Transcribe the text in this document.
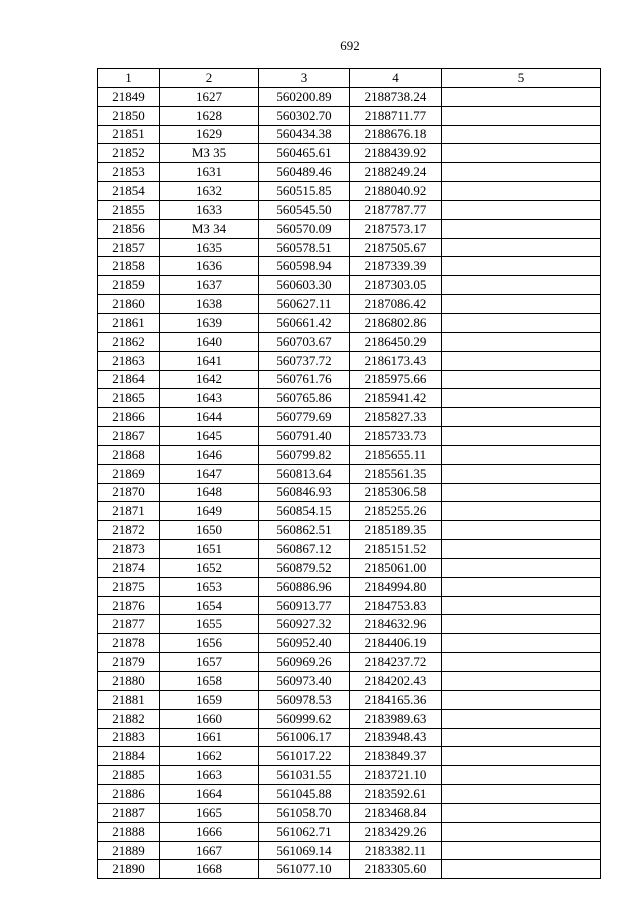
692
1	2	3	4	5
21849	1627	560200.89	2188738.24	
21850	1628	560302.70	2188711.77	
21851	1629	560434.38	2188676.18	
21852	МЗ 35	560465.61	2188439.92	
21853	1631	560489.46	2188249.24	
21854	1632	560515.85	2188040.92	
21855	1633	560545.50	2187787.77	
21856	МЗ 34	560570.09	2187573.17	
21857	1635	560578.51	2187505.67	
21858	1636	560598.94	2187339.39	
21859	1637	560603.30	2187303.05	
21860	1638	560627.11	2187086.42	
21861	1639	560661.42	2186802.86	
21862	1640	560703.67	2186450.29	
21863	1641	560737.72	2186173.43	
21864	1642	560761.76	2185975.66	
21865	1643	560765.86	2185941.42	
21866	1644	560779.69	2185827.33	
21867	1645	560791.40	2185733.73	
21868	1646	560799.82	2185655.11	
21869	1647	560813.64	2185561.35	
21870	1648	560846.93	2185306.58	
21871	1649	560854.15	2185255.26	
21872	1650	560862.51	2185189.35	
21873	1651	560867.12	2185151.52	
21874	1652	560879.52	2185061.00	
21875	1653	560886.96	2184994.80	
21876	1654	560913.77	2184753.83	
21877	1655	560927.32	2184632.96	
21878	1656	560952.40	2184406.19	
21879	1657	560969.26	2184237.72	
21880	1658	560973.40	2184202.43	
21881	1659	560978.53	2184165.36	
21882	1660	560999.62	2183989.63	
21883	1661	561006.17	2183948.43	
21884	1662	561017.22	2183849.37	
21885	1663	561031.55	2183721.10	
21886	1664	561045.88	2183592.61	
21887	1665	561058.70	2183468.84	
21888	1666	561062.71	2183429.26	
21889	1667	561069.14	2183382.11	
21890	1668	561077.10	2183305.60	
